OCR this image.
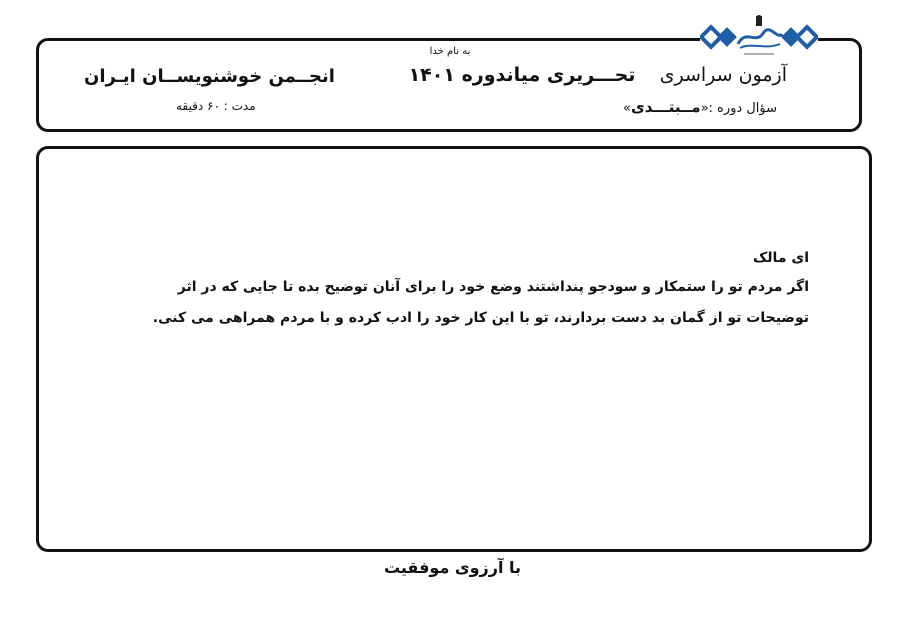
به نام خدا
آزمون سراسری    تحـــریری میاندوره ۱۴۰۱
انجــمن خوشنویســان ایـران
سؤال دوره :«مــبتـــدی»
مدت : ۶۰ دقیقه
ای مالک
اگر مردم تو را ستمکار و سودجو پنداشتند وضع خود را برای آنان توضیح بده تا جایی که در اثر
توضیحات تو از گمان بد دست بردارند، تو با این کار خود را ادب کرده و با مردم همراهی می کنی.
با آرزوی موفقیت
